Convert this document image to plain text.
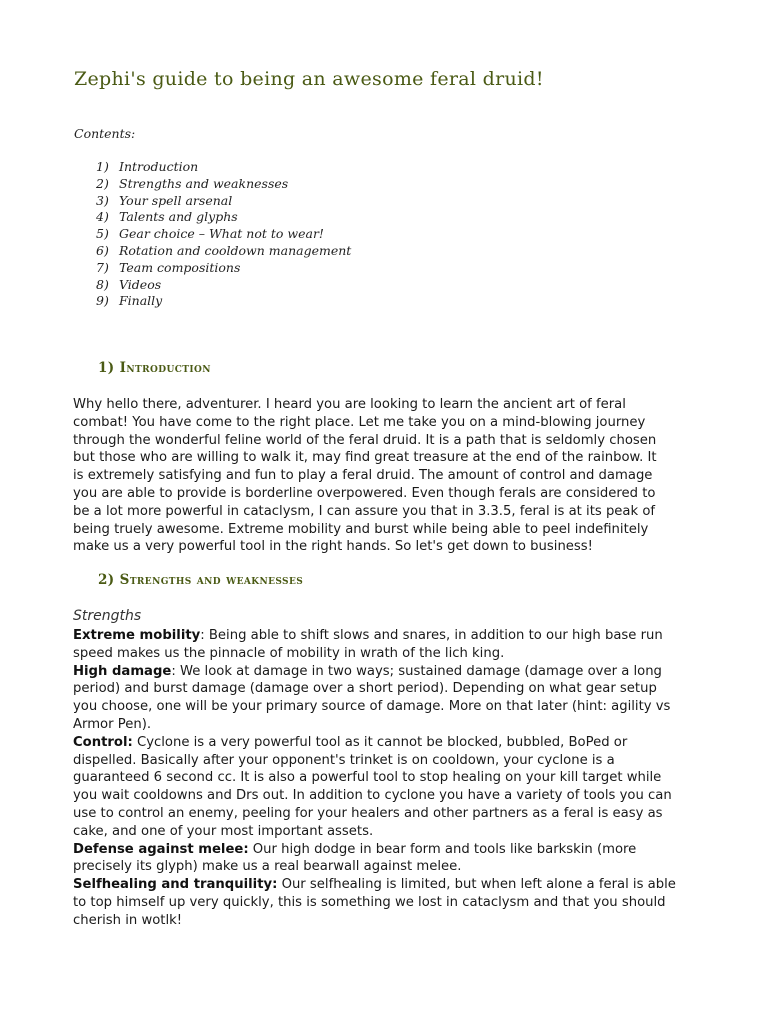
Zephi's guide to being an awesome feral druid!
Contents:
1) Introduction
2) Strengths and weaknesses
3) Your spell arsenal
4) Talents and glyphs
5) Gear choice – What not to wear!
6) Rotation and cooldown management
7) Team compositions
8) Videos
9) Finally
1) Introduction

Why hello there, adventurer. I heard you are looking to learn the ancient art of feral
combat! You have come to the right place. Let me take you on a mind-blowing journey
through the wonderful feline world of the feral druid. It is a path that is seldomly chosen
but those who are willing to walk it, may find great treasure at the end of the rainbow. It
is extremely satisfying and fun to play a feral druid. The amount of control and damage
you are able to provide is borderline overpowered. Even though ferals are considered to
be a lot more powerful in cataclysm, I can assure you that in 3.3.5, feral is at its peak of
being truely awesome. Extreme mobility and burst while being able to peel indefinitely
make us a very powerful tool in the right hands. So let's get down to business!

2) Strengths and weaknesses
Strengths

Extreme mobility: Being able to shift slows and snares, in addition to our high base run
speed makes us the pinnacle of mobility in wrath of the lich king.
High damage: We look at damage in two ways; sustained damage (damage over a long
period) and burst damage (damage over a short period). Depending on what gear setup
you choose, one will be your primary source of damage. More on that later (hint: agility vs
Armor Pen).
Control: Cyclone is a very powerful tool as it cannot be blocked, bubbled, BoPed or
dispelled. Basically after your opponent's trinket is on cooldown, your cyclone is a
guaranteed 6 second cc. It is also a powerful tool to stop healing on your kill target while
you wait cooldowns and Drs out. In addition to cyclone you have a variety of tools you can
use to control an enemy, peeling for your healers and other partners as a feral is easy as
cake, and one of your most important assets.
Defense against melee: Our high dodge in bear form and tools like barkskin (more
precisely its glyph) make us a real bearwall against melee.
Selfhealing and tranquility: Our selfhealing is limited, but when left alone a feral is able
to top himself up very quickly, this is something we lost in cataclysm and that you should
cherish in wotlk!
